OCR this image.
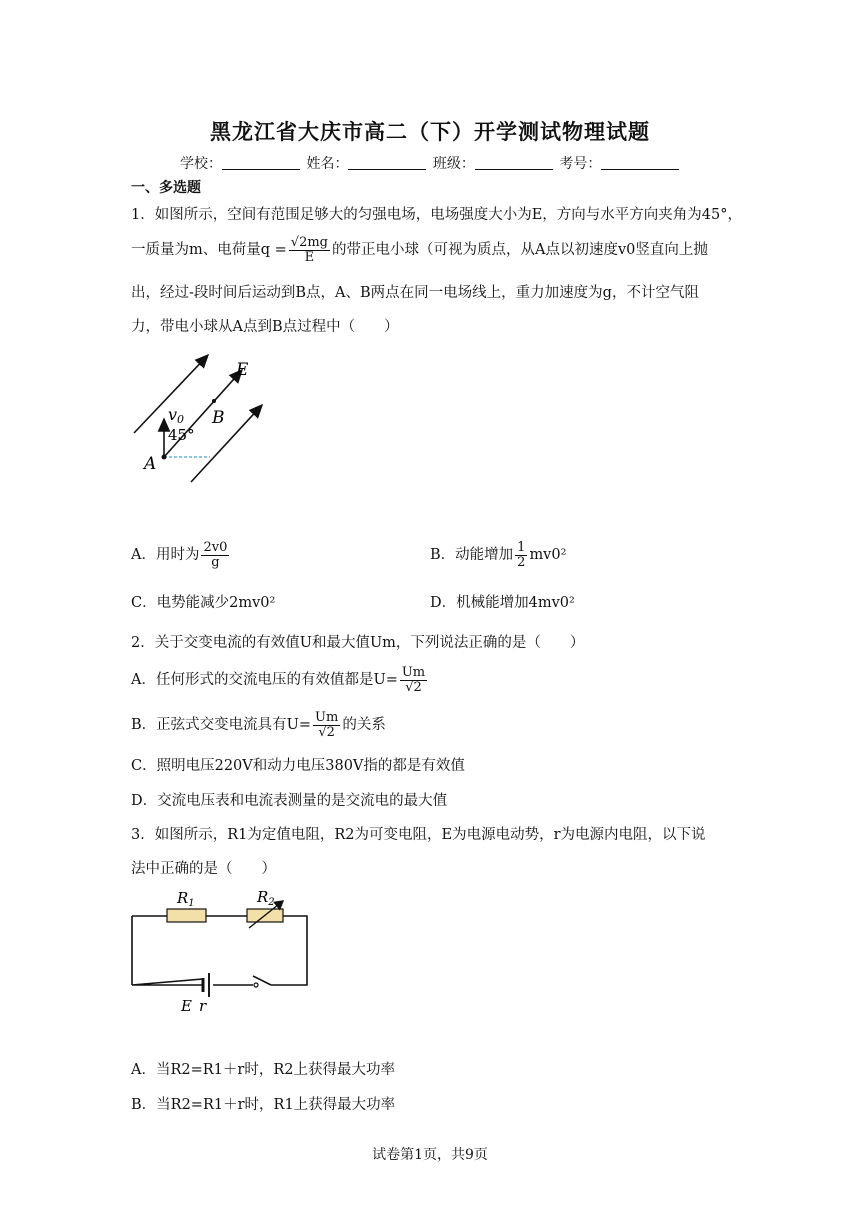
黑龙江省大庆市高二（下）开学测试物理试题
学校：	姓名：	班级：	考号：
一、多选题
1．如图所示，空间有范围足够大的匀强电场，电场强度大小为E，方向与水平方向夹角为45°，
一质量为m、电荷量$q = \frac{√2mg}{E}$ 的带正电小球（可视为质点，从A点以初速度v0竖直向上抛
出，经过-段时间后运动到B点，A、B两点在同一电场线上，重力加速度为g，不计空气阻
力，带电小球从A点到B点过程中（　　）
45°
v0
E
B
A
A．用时为 $\frac{2v0}{g}$	B．动能增加 $\frac{1}{2} mv0^2$
C．电势能减少2mv0²	D．机械能增加4mv0²
2．关于交变电流的有效值U和最大值Um，下列说法正确的是（　　）
A．任何形式的交流电压的有效值都是$U= \frac{Um}{√2}$
B．正弦式交变电流具有$U= \frac{Um}{√2}$ 的关系
C．照明电压220V和动力电压380V指的都是有效值
D．交流电压表和电流表测量的是交流电的最大值
3．如图所示，R1为定值电阻，R2为可变电阻，E为电源电动势，r为电源内电阻，以下说
法中正确的是（　　）
$R_1$	$R_2$
E r
A．当R2=R1＋r时，R2上获得最大功率
B．当R2=R1＋r时，R1上获得最大功率
试卷第1页，共9页
